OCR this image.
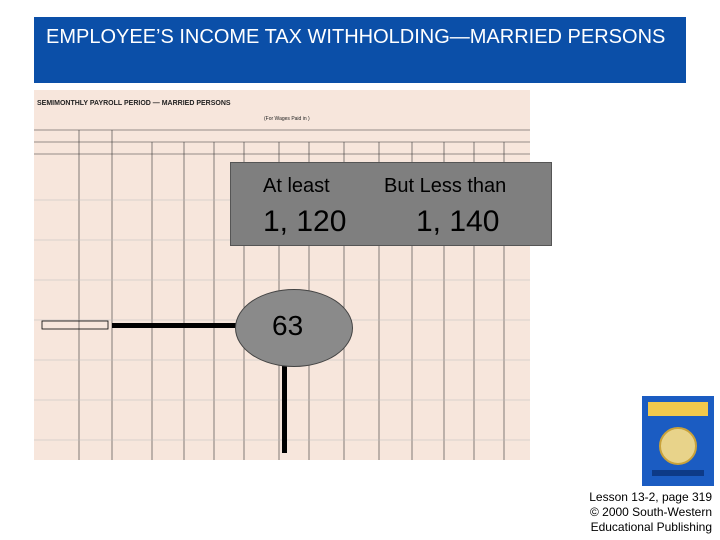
EMPLOYEE’S INCOME TAX WITHHOLDING—MARRIED PERSONS
SEMIMONTHLY PAYROLL PERIOD — MARRIED PERSONS
(For Wages Paid in )
At least	But Less than
1, 120 1, 140
63
Lesson 13-2, page 319
© 2000 South-Western
Educational Publishing
